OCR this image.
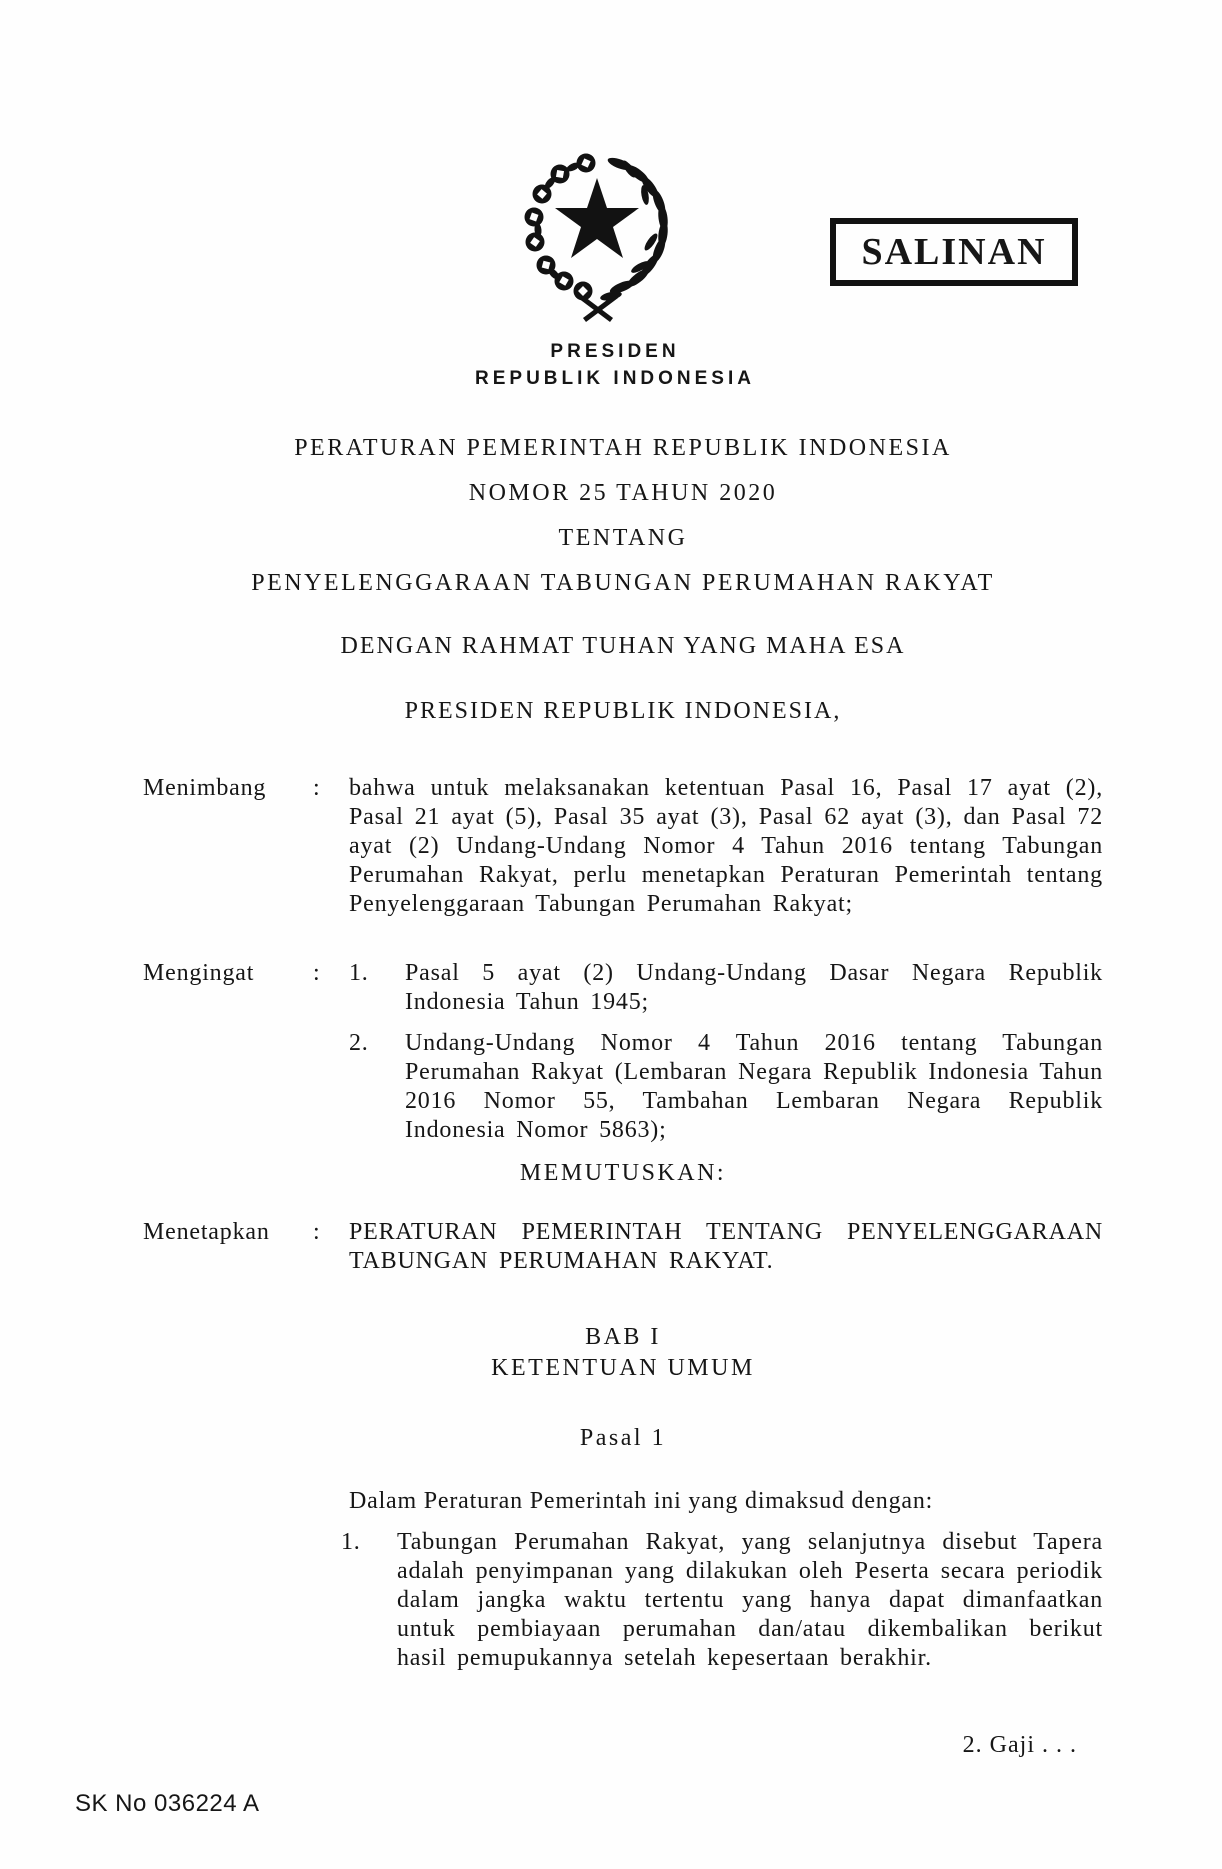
SALINAN
PRESIDEN
REPUBLIK INDONESIA
PERATURAN PEMERINTAH REPUBLIK INDONESIA
NOMOR 25 TAHUN 2020
TENTANG
PENYELENGGARAAN TABUNGAN PERUMAHAN RAKYAT
DENGAN RAHMAT TUHAN YANG MAHA ESA
PRESIDEN REPUBLIK INDONESIA,
Menimbang	:	bahwa untuk melaksanakan ketentuan Pasal 16, Pasal 17 ayat (2), Pasal 21 ayat (5), Pasal 35 ayat (3), Pasal 62 ayat (3), dan Pasal 72 ayat (2) Undang-Undang Nomor 4 Tahun 2016 tentang Tabungan Perumahan Rakyat, perlu menetapkan Peraturan Pemerintah tentang Penyelenggaraan Tabungan Perumahan Rakyat;
Mengingat	:	1.	Pasal 5 ayat (2) Undang-Undang Dasar Negara Republik Indonesia Tahun 1945;
2.	Undang-Undang Nomor 4 Tahun 2016 tentang Tabungan Perumahan Rakyat (Lembaran Negara Republik Indonesia Tahun 2016 Nomor 55, Tambahan Lembaran Negara Republik Indonesia Nomor 5863);
MEMUTUSKAN:
Menetapkan	:	PERATURAN PEMERINTAH TENTANG PENYELENGGARAAN TABUNGAN PERUMAHAN RAKYAT.
BAB I
KETENTUAN UMUM
Pasal 1
Dalam Peraturan Pemerintah ini yang dimaksud dengan:
1.	Tabungan Perumahan Rakyat, yang selanjutnya disebut Tapera adalah penyimpanan yang dilakukan oleh Peserta secara periodik dalam jangka waktu tertentu yang hanya dapat dimanfaatkan untuk pembiayaan perumahan dan/atau dikembalikan berikut hasil pemupukannya setelah kepesertaan berakhir.
2. Gaji . . .
SK No 036224 A
